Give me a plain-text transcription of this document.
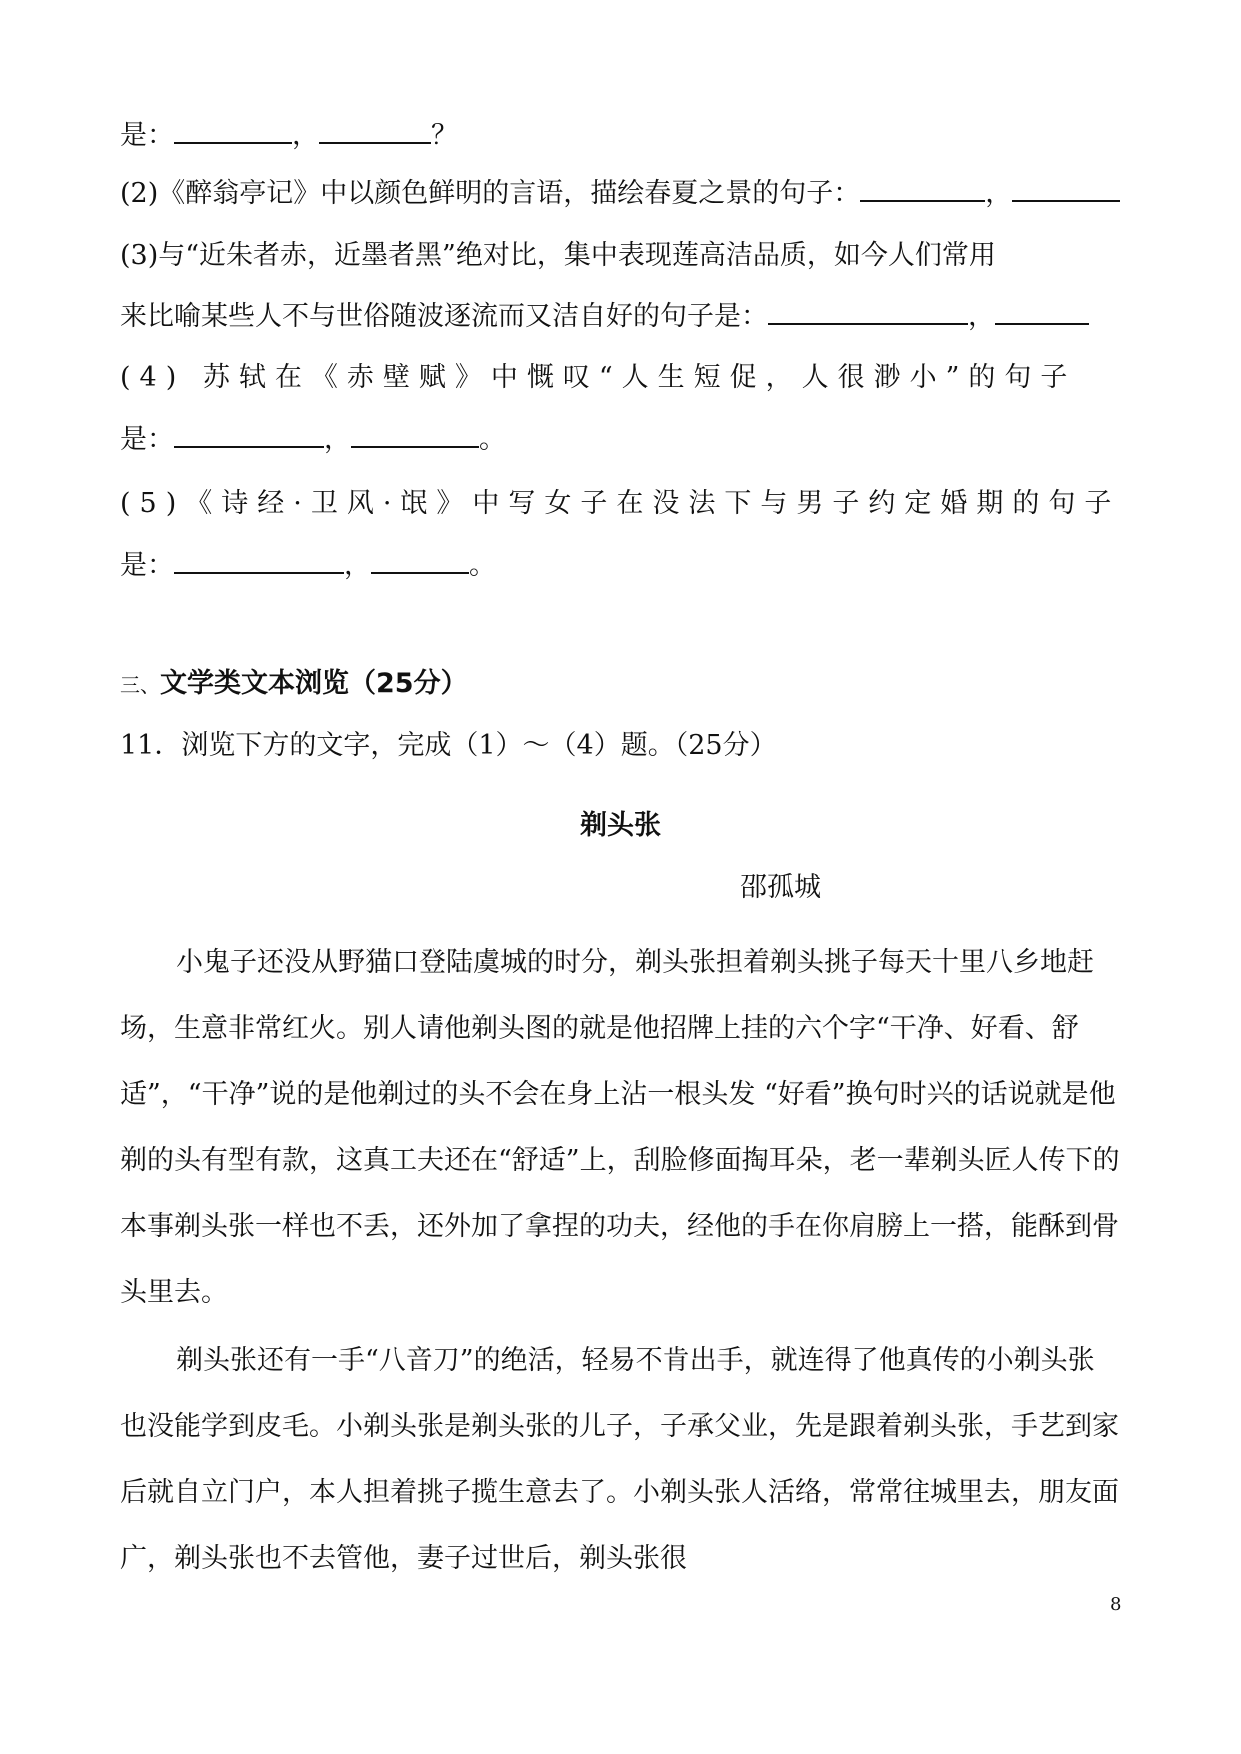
是：	，	？
(2)《醉翁亭记》中以颜色鲜明的言语，描绘春夏之景的句子：	，
(3)与“近朱者赤，近墨者黑”绝对比，集中表现莲高洁品质，如今人们常用
来比喻某些人不与世俗随波逐流而又洁自好的句子是：	，
(4) 苏轼在《赤壁赋》中慨叹“人生短促，人很渺小”的句子
是：	，	。
(5)《诗经·卫风·氓》中写女子在没法下与男子约定婚期的句子
是：	，	。
三、文学类文本浏览（25分）
11．浏览下方的文字，完成（1）～（4）题。（25分）
剃头张
邵孤城
小鬼子还没从野猫口登陆虞城的时分，剃头张担着剃头挑子每天十里八乡地赶场，生意非常红火。别人请他剃头图的就是他招牌上挂的六个字“干净、好看、舒适”，“干净”说的是他剃过的头不会在身上沾一根头发 “好看”换句时兴的话说就是他剃的头有型有款，这真工夫还在“舒适”上，刮脸修面掏耳朵，老一辈剃头匠人传下的本事剃头张一样也不丢，还外加了拿捏的功夫，经他的手在你肩膀上一搭，能酥到骨头里去。
剃头张还有一手“八音刀”的绝活，轻易不肯出手，就连得了他真传的小剃头张也没能学到皮毛。小剃头张是剃头张的儿子，子承父业，先是跟着剃头张，手艺到家后就自立门户，本人担着挑子揽生意去了。小剃头张人活络，常常往城里去，朋友面广，剃头张也不去管他，妻子过世后，剃头张很
8
